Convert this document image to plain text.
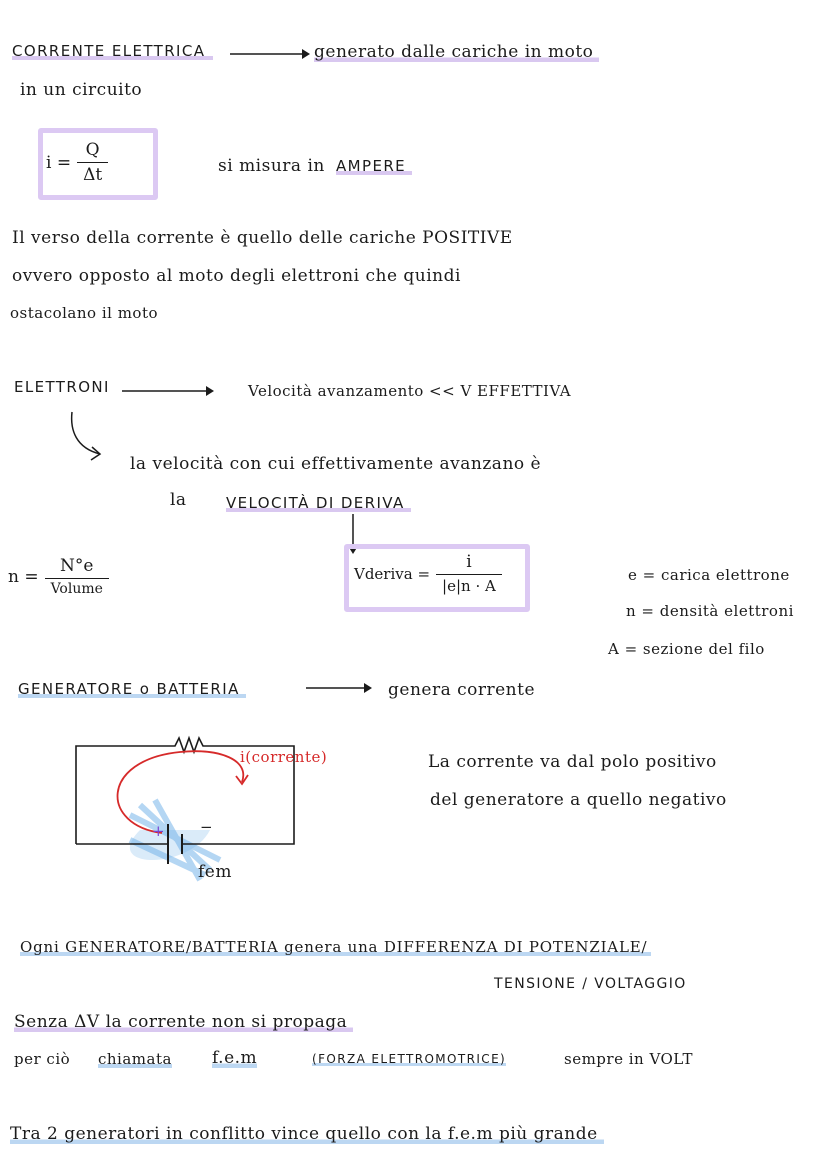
CORRENTE ELETTRICA	generato dalle cariche in moto
in un circuito
$i = \frac{Q}{\Delta t}$	si misura in AMPERE
Il verso della corrente è quello delle cariche POSITIVE
ovvero opposto al moto degli elettroni che quindi
ostacolano il moto
ELETTRONI	Velocità avanzamento << V EFFETTIVA
la velocità con cui effettivamente avanzano è
la	VELOCITÀ DI DERIVA
$n = \frac{N^\circ e}{\text{Volume}}$	Vderiva = $\frac{i}{|e|n \cdot A}$	e = carica elettrone
n = densità elettroni
A = sezione del filo
GENERATORE o BATTERIA	genera corrente
i(corrente)
+ −
fem
La corrente va dal polo positivo
del generatore a quello negativo
Ogni GENERATORE/BATTERIA genera una DIFFERENZA DI POTENZIALE/
TENSIONE / VOLTAGGIO
Senza ΔV la corrente non si propaga
per ciò chiamata f.e.m	(FORZA ELETTROMOTRICE)	sempre in VOLT
Tra 2 generatori in conflitto vince quello con la f.e.m più grande
